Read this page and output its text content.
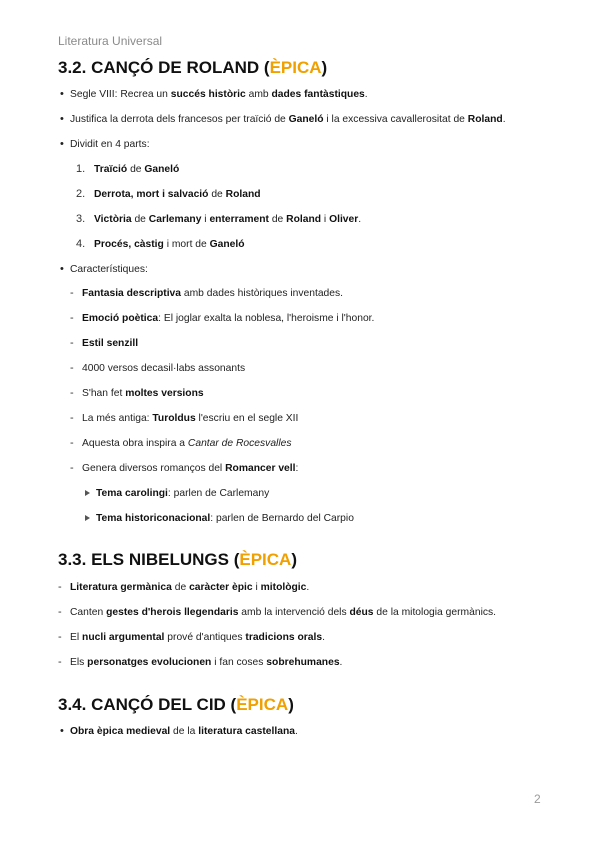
Literatura Universal
3.2. CANÇÓ DE ROLAND (ÈPICA)
• Segle VIII: Recrea un succés històric amb dades fantàstiques.
• Justifica la derrota dels francesos per traïció de Ganeló i la excessiva cavallerositat de Roland.
• Dividit en 4 parts:
1. Traïció de Ganeló
2. Derrota, mort i salvació de Roland
3. Victòria de Carlemany i enterrament de Roland i Oliver.
4. Procés, càstig i mort de Ganeló
• Característiques:
- Fantasia descriptiva amb dades històriques inventades.
- Emoció poètica: El joglar exalta la noblesa, l'heroisme i l'honor.
- Estil senzill
- 4000 versos decasil·labs assonants
- S'han fet moltes versions
- La més antiga: Turoldus l'escriu en el segle XII
- Aquesta obra inspira a Cantar de Rocesvalles
- Genera diversos romanços del Romancer vell:
Tema carolingi: parlen de Carlemany
Tema historiconacional: parlen de Bernardo del Carpio
3.3. ELS NIBELUNGS (ÈPICA)
- Literatura germànica de caràcter èpic i mitològic.
- Canten gestes d'herois llegendaris amb la intervenció dels déus de la mitologia germànics.
- El nucli argumental prové d'antiques tradicions orals.
- Els personatges evolucionen i fan coses sobrehumanes.
3.4. CANÇÓ DEL CID (ÈPICA)
• Obra èpica medieval de la literatura castellana.
2
